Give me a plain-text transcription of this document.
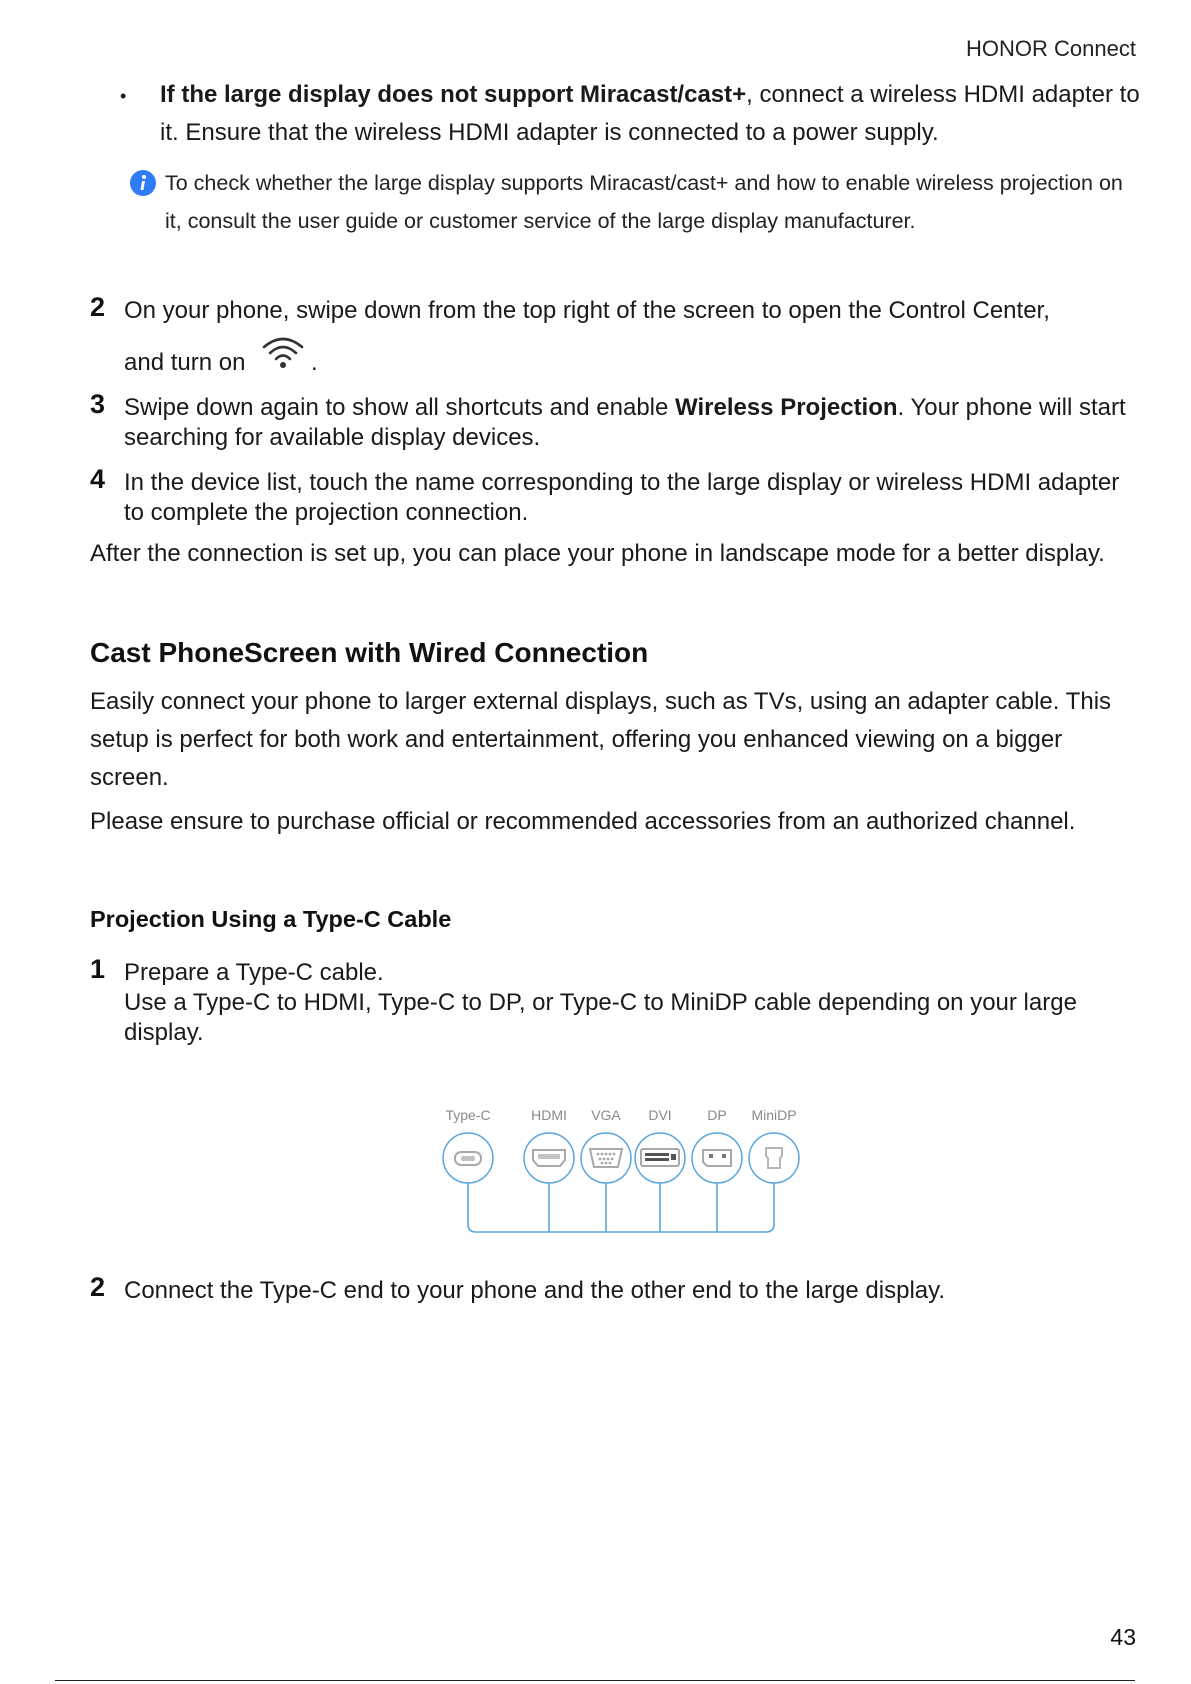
HONOR Connect
• If the large display does not support Miracast/cast+, connect a wireless HDMI adapter to it. Ensure that the wireless HDMI adapter is connected to a power supply.
To check whether the large display supports Miracast/cast+ and how to enable wireless projection on it, consult the user guide or customer service of the large display manufacturer.
2 On your phone, swipe down from the top right of the screen to open the Control Center,
and turn on	.
3 Swipe down again to show all shortcuts and enable Wireless Projection. Your phone will start searching for available display devices.
4 In the device list, touch the name corresponding to the large display or wireless HDMI adapter to complete the projection connection.
After the connection is set up, you can place your phone in landscape mode for a better display.
Cast PhoneScreen with Wired Connection
Easily connect your phone to larger external displays, such as TVs, using an adapter cable. This setup is perfect for both work and entertainment, offering you enhanced viewing on a bigger screen.
Please ensure to purchase official or recommended accessories from an authorized channel.
Projection Using a Type-C Cable
1 Prepare a Type-C cable.
Use a Type-C to HDMI, Type-C to DP, or Type-C to MiniDP cable depending on your large display.
Type-C	HDMI VGA DVI	DP MiniDP
2 Connect the Type-C end to your phone and the other end to the large display.
43
